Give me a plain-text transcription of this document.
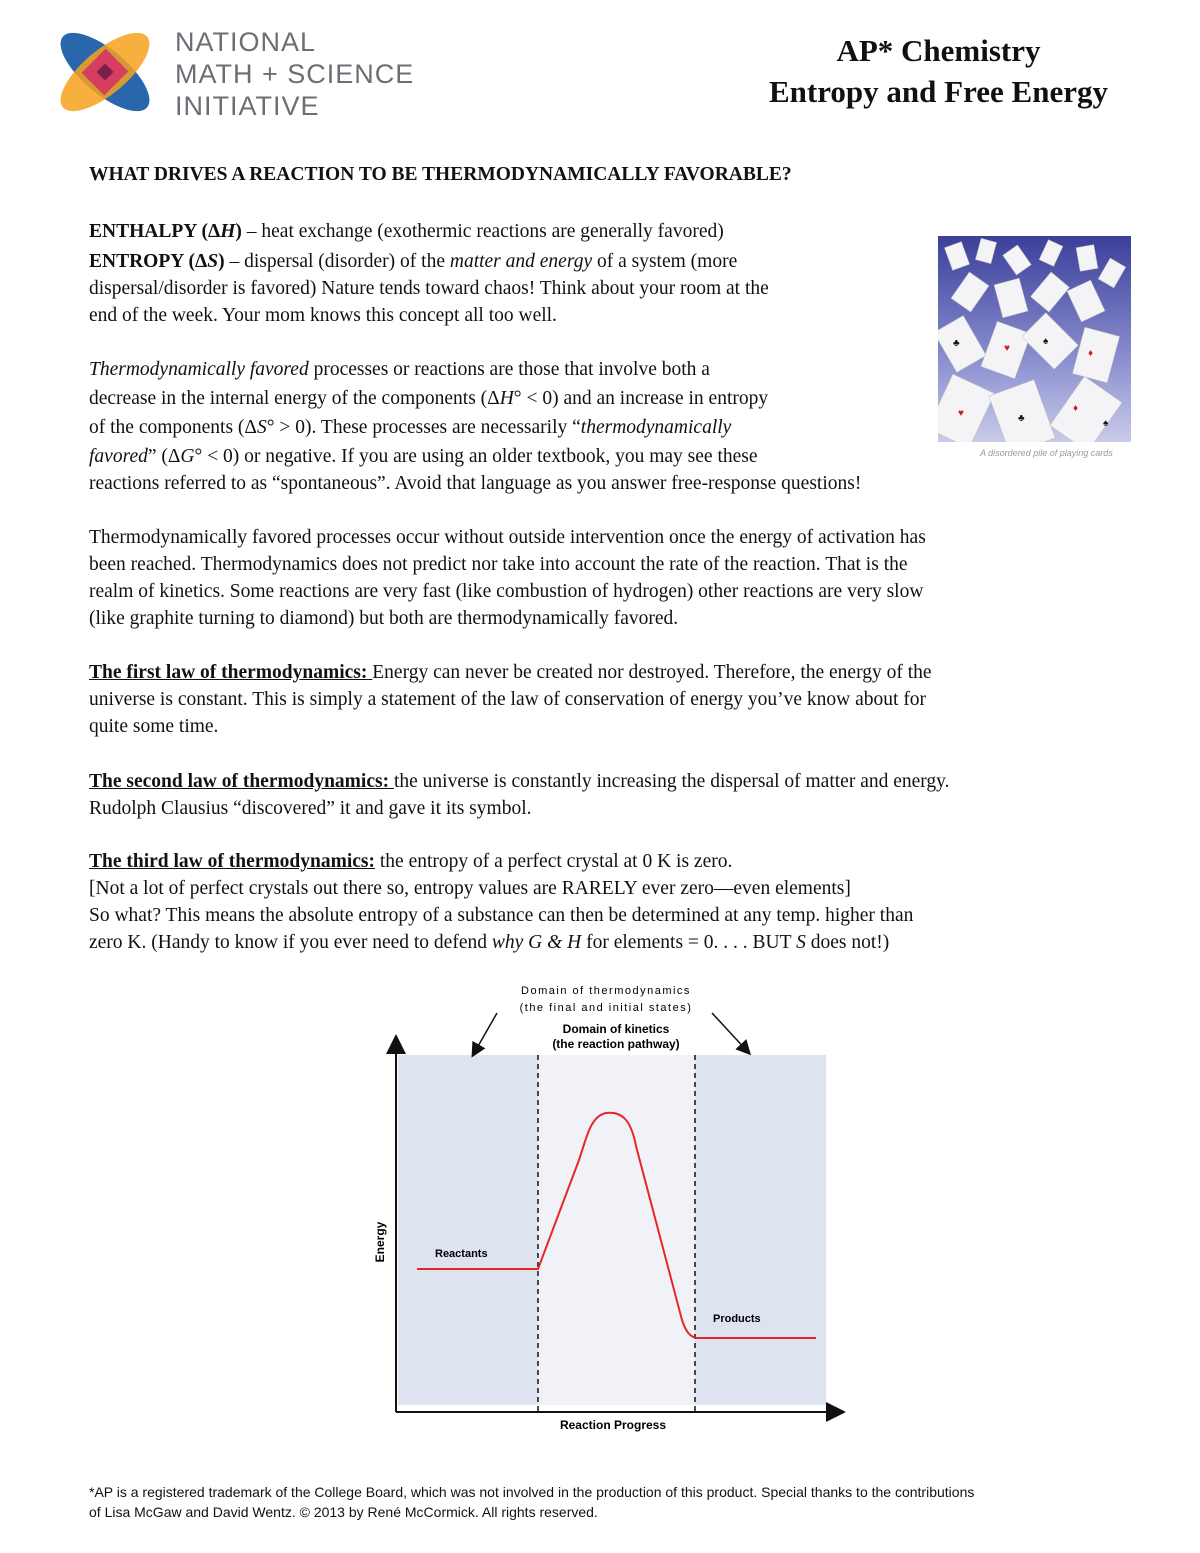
NATIONAL
MATH + SCIENCE
INITIATIVE
AP* Chemistry
Entropy and Free Energy
WHAT DRIVES A REACTION TO BE THERMODYNAMICALLY FAVORABLE?
ENTHALPY (ΔH) – heat exchange (exothermic reactions are generally favored)
ENTROPY (ΔS) – dispersal (disorder) of the matter and energy of a system (more
dispersal/disorder is favored) Nature tends toward chaos! Think about your room at the
end of the week. Your mom knows this concept all too well.
♥	♦
♥	♦
♣	♠
♣	♠
A disordered pile of playing cards
Thermodynamically favored processes or reactions are those that involve both a
decrease in the internal energy of the components (ΔH° < 0) and an increase in entropy
of the components (ΔS° > 0). These processes are necessarily “thermodynamically
favored” (ΔG° < 0) or negative. If you are using an older textbook, you may see these
reactions referred to as “spontaneous”. Avoid that language as you answer free-response questions!
Thermodynamically favored processes occur without outside intervention once the energy of activation has
been reached. Thermodynamics does not predict nor take into account the rate of the reaction. That is the
realm of kinetics. Some reactions are very fast (like combustion of hydrogen) other reactions are very slow
(like graphite turning to diamond) but both are thermodynamically favored.
The first law of thermodynamics: Energy can never be created nor destroyed. Therefore, the energy of the
universe is constant. This is simply a statement of the law of conservation of energy you’ve know about for
quite some time.
The second law of thermodynamics: the universe is constantly increasing the dispersal of matter and energy.
Rudolph Clausius “discovered” it and gave it its symbol.
The third law of thermodynamics: the entropy of a perfect crystal at 0 K is zero.
[Not a lot of perfect crystals out there so, entropy values are RARELY ever zero—even elements]
So what? This means the absolute entropy of a substance can then be determined at any temp. higher than
zero K. (Handy to know if you ever need to defend why G & H for elements = 0. . . . BUT S does not!)
Domain of thermodynamics
(the final and initial states)
Domain of kinetics
(the reaction pathway)
Energy
Reaction Progress
Reactants
Products
*AP is a registered trademark of the College Board, which was not involved in the production of this product. Special thanks to the contributions
of Lisa McGaw and David Wentz. © 2013 by René McCormick. All rights reserved.
